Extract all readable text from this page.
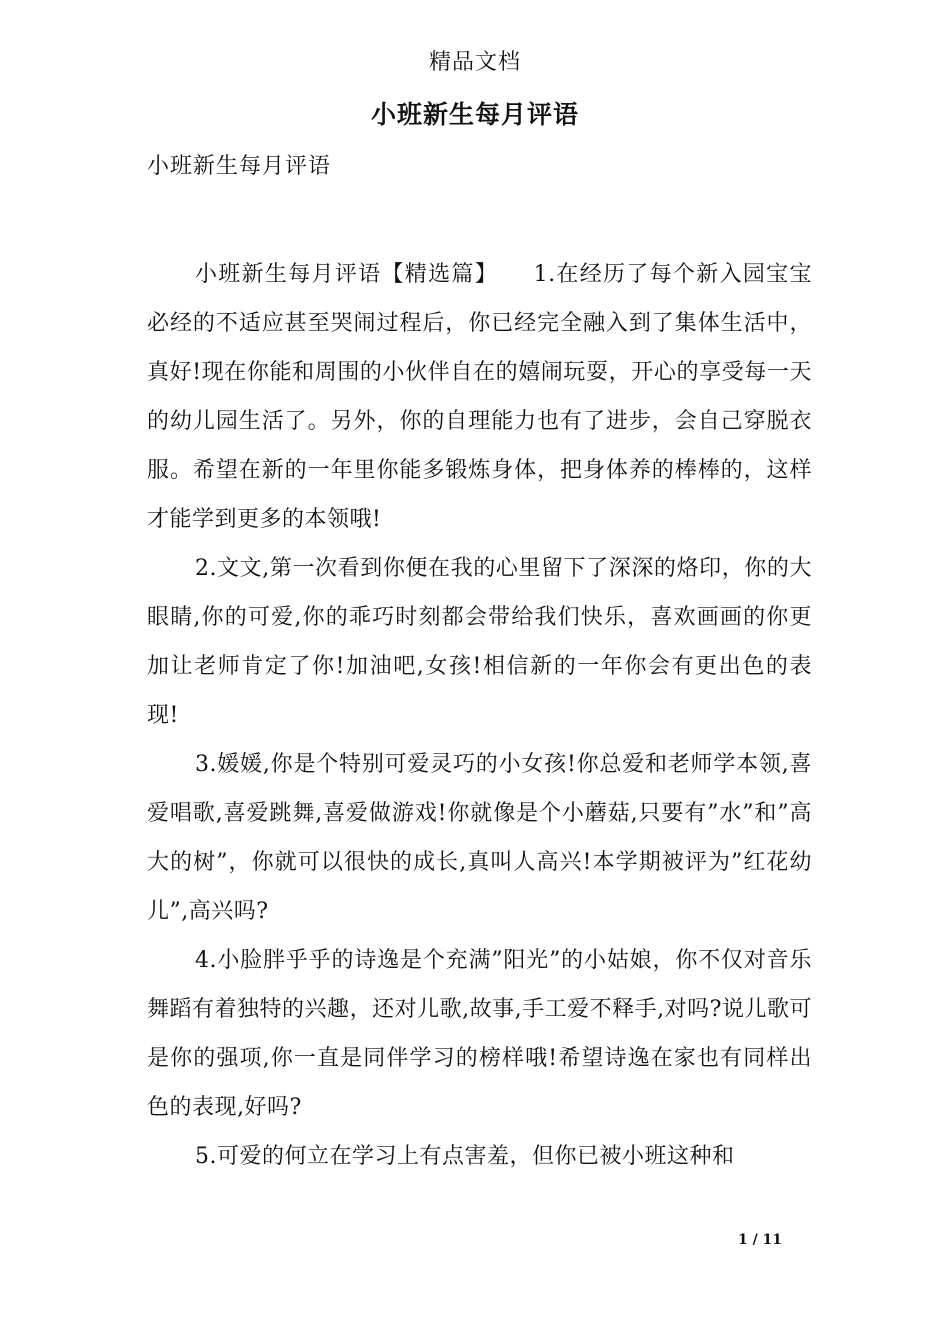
精品文档
小班新生每月评语
小班新生每月评语

小班新生每月评语【精选篇】　　1.在经历了每个新入园宝宝必经的不适应甚至哭闹过程后，你已经完全融入到了集体生活中，真好!现在你能和周围的小伙伴自在的嬉闹玩耍，开心的享受每一天的幼儿园生活了。另外，你的自理能力也有了进步，会自己穿脱衣服。希望在新的一年里你能多锻炼身体，把身体养的棒棒的，这样才能学到更多的本领哦!

2.文文,第一次看到你便在我的心里留下了深深的烙印，你的大眼睛,你的可爱,你的乖巧时刻都会带给我们快乐，喜欢画画的你更加让老师肯定了你!加油吧,女孩!相信新的一年你会有更出色的表现!

3.媛媛,你是个特别可爱灵巧的小女孩!你总爱和老师学本领,喜爱唱歌,喜爱跳舞,喜爱做游戏!你就像是个小蘑菇,只要有”水”和”高大的树”，你就可以很快的成长,真叫人高兴!本学期被评为”红花幼儿”,高兴吗?

4.小脸胖乎乎的诗逸是个充满”阳光”的小姑娘，你不仅对音乐舞蹈有着独特的兴趣，还对儿歌,故事,手工爱不释手,对吗?说儿歌可是你的强项,你一直是同伴学习的榜样哦!希望诗逸在家也有同样出色的表现,好吗?

5.可爱的何立在学习上有点害羞，但你已被小班这种和

1 / 11
